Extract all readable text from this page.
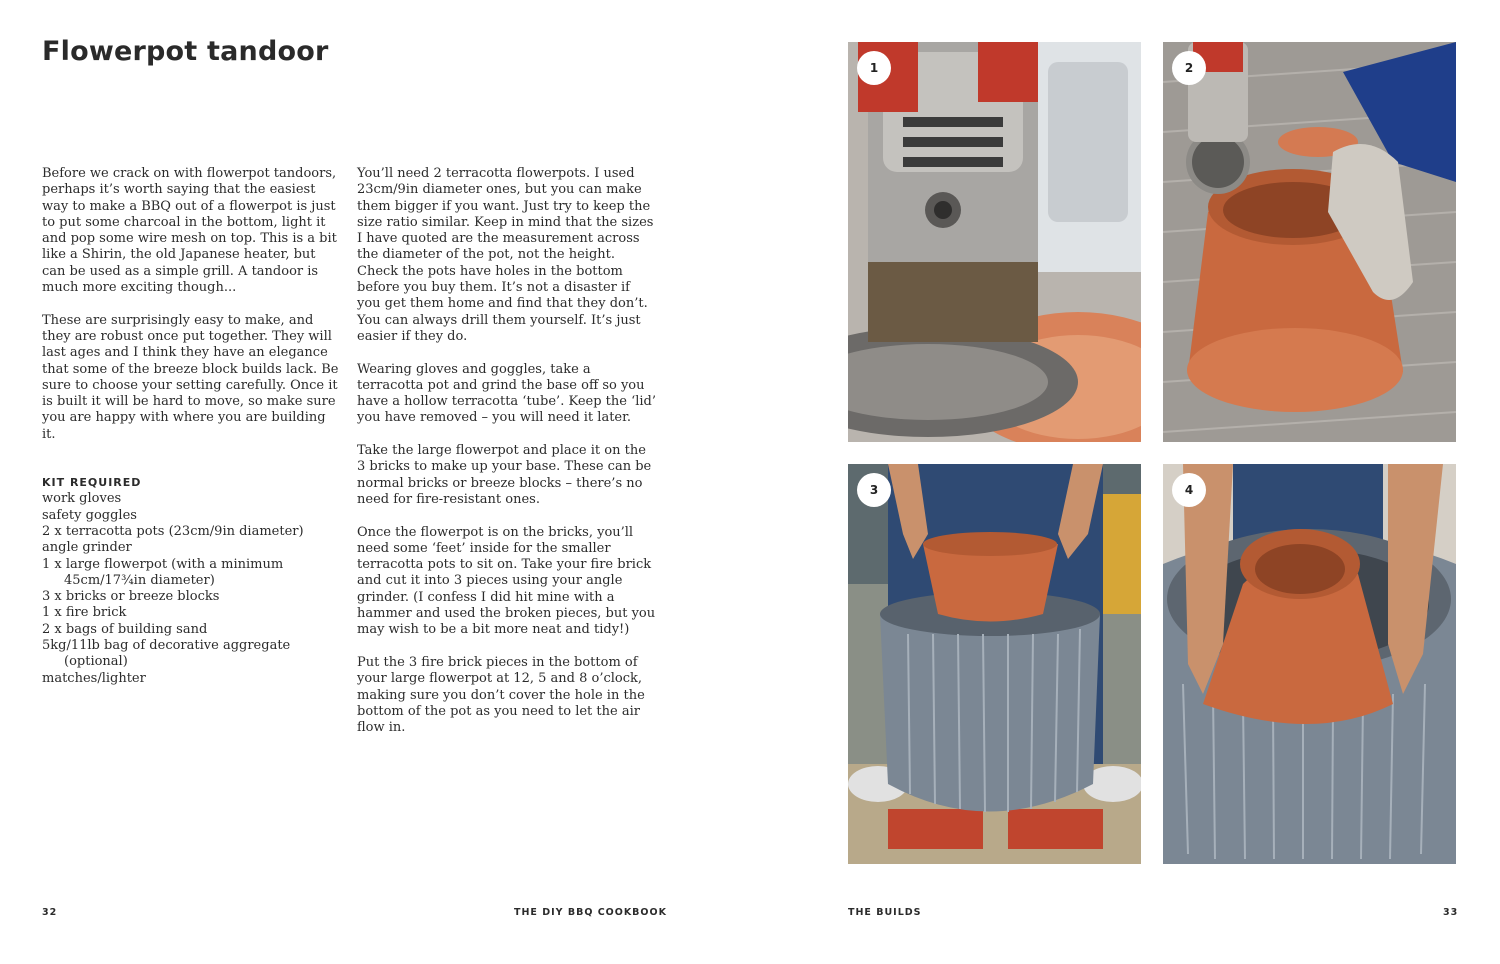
Flowerpot tandoor

Before we crack on with flowerpot tandoors, perhaps it’s worth saying that the easiest way to make a BBQ out of a flowerpot is just to put some charcoal in the bottom, light it and pop some wire mesh on top. This is a bit like a Shirin, the old Japanese heater, but can be used as a simple grill. A tandoor is much more exciting though...

These are surprisingly easy to make, and they are robust once put together. They will last ages and I think they have an elegance that some of the breeze block builds lack. Be sure to choose your setting carefully. Once it is built it will be hard to move, so make sure you are happy with where you are building it.

KIT REQUIRED
work gloves
safety goggles
2 x terracotta pots (23cm/9in diameter)
angle grinder
1 x large flowerpot (with a minimum 45cm/17¾in diameter)
3 x bricks or breeze blocks
1 x fire brick
2 x bags of building sand
5kg/11lb bag of decorative aggregate (optional)
matches/lighter

You’ll need 2 terracotta flowerpots. I used 23cm/9in diameter ones, but you can make them bigger if you want. Just try to keep the size ratio similar. Keep in mind that the sizes I have quoted are the measurement across the diameter of the pot, not the height. Check the pots have holes in the bottom before you buy them. It’s not a disaster if you get them home and find that they don’t. You can always drill them yourself. It’s just easier if they do.

Wearing gloves and goggles, take a terracotta pot and grind the base off so you have a hollow terracotta ‘tube’. Keep the ‘lid’ you have removed – you will need it later.

Take the large flowerpot and place it on the 3 bricks to make up your base. These can be normal bricks or breeze blocks – there’s no need for fire-resistant ones.

Once the flowerpot is on the bricks, you’ll need some ‘feet’ inside for the smaller terracotta pots to sit on. Take your fire brick and cut it into 3 pieces using your angle grinder. (I confess I did hit mine with a hammer and used the broken pieces, but you may wish to be a bit more neat and tidy!)

Put the 3 fire brick pieces in the bottom of your large flowerpot at 12, 5 and 8 o’clock, making sure you don’t cover the hole in the bottom of the pot as you need to let the air flow in.

1	2
3	4
32	THE DIY BBQ COOKBOOK	THE BUILDS	33
